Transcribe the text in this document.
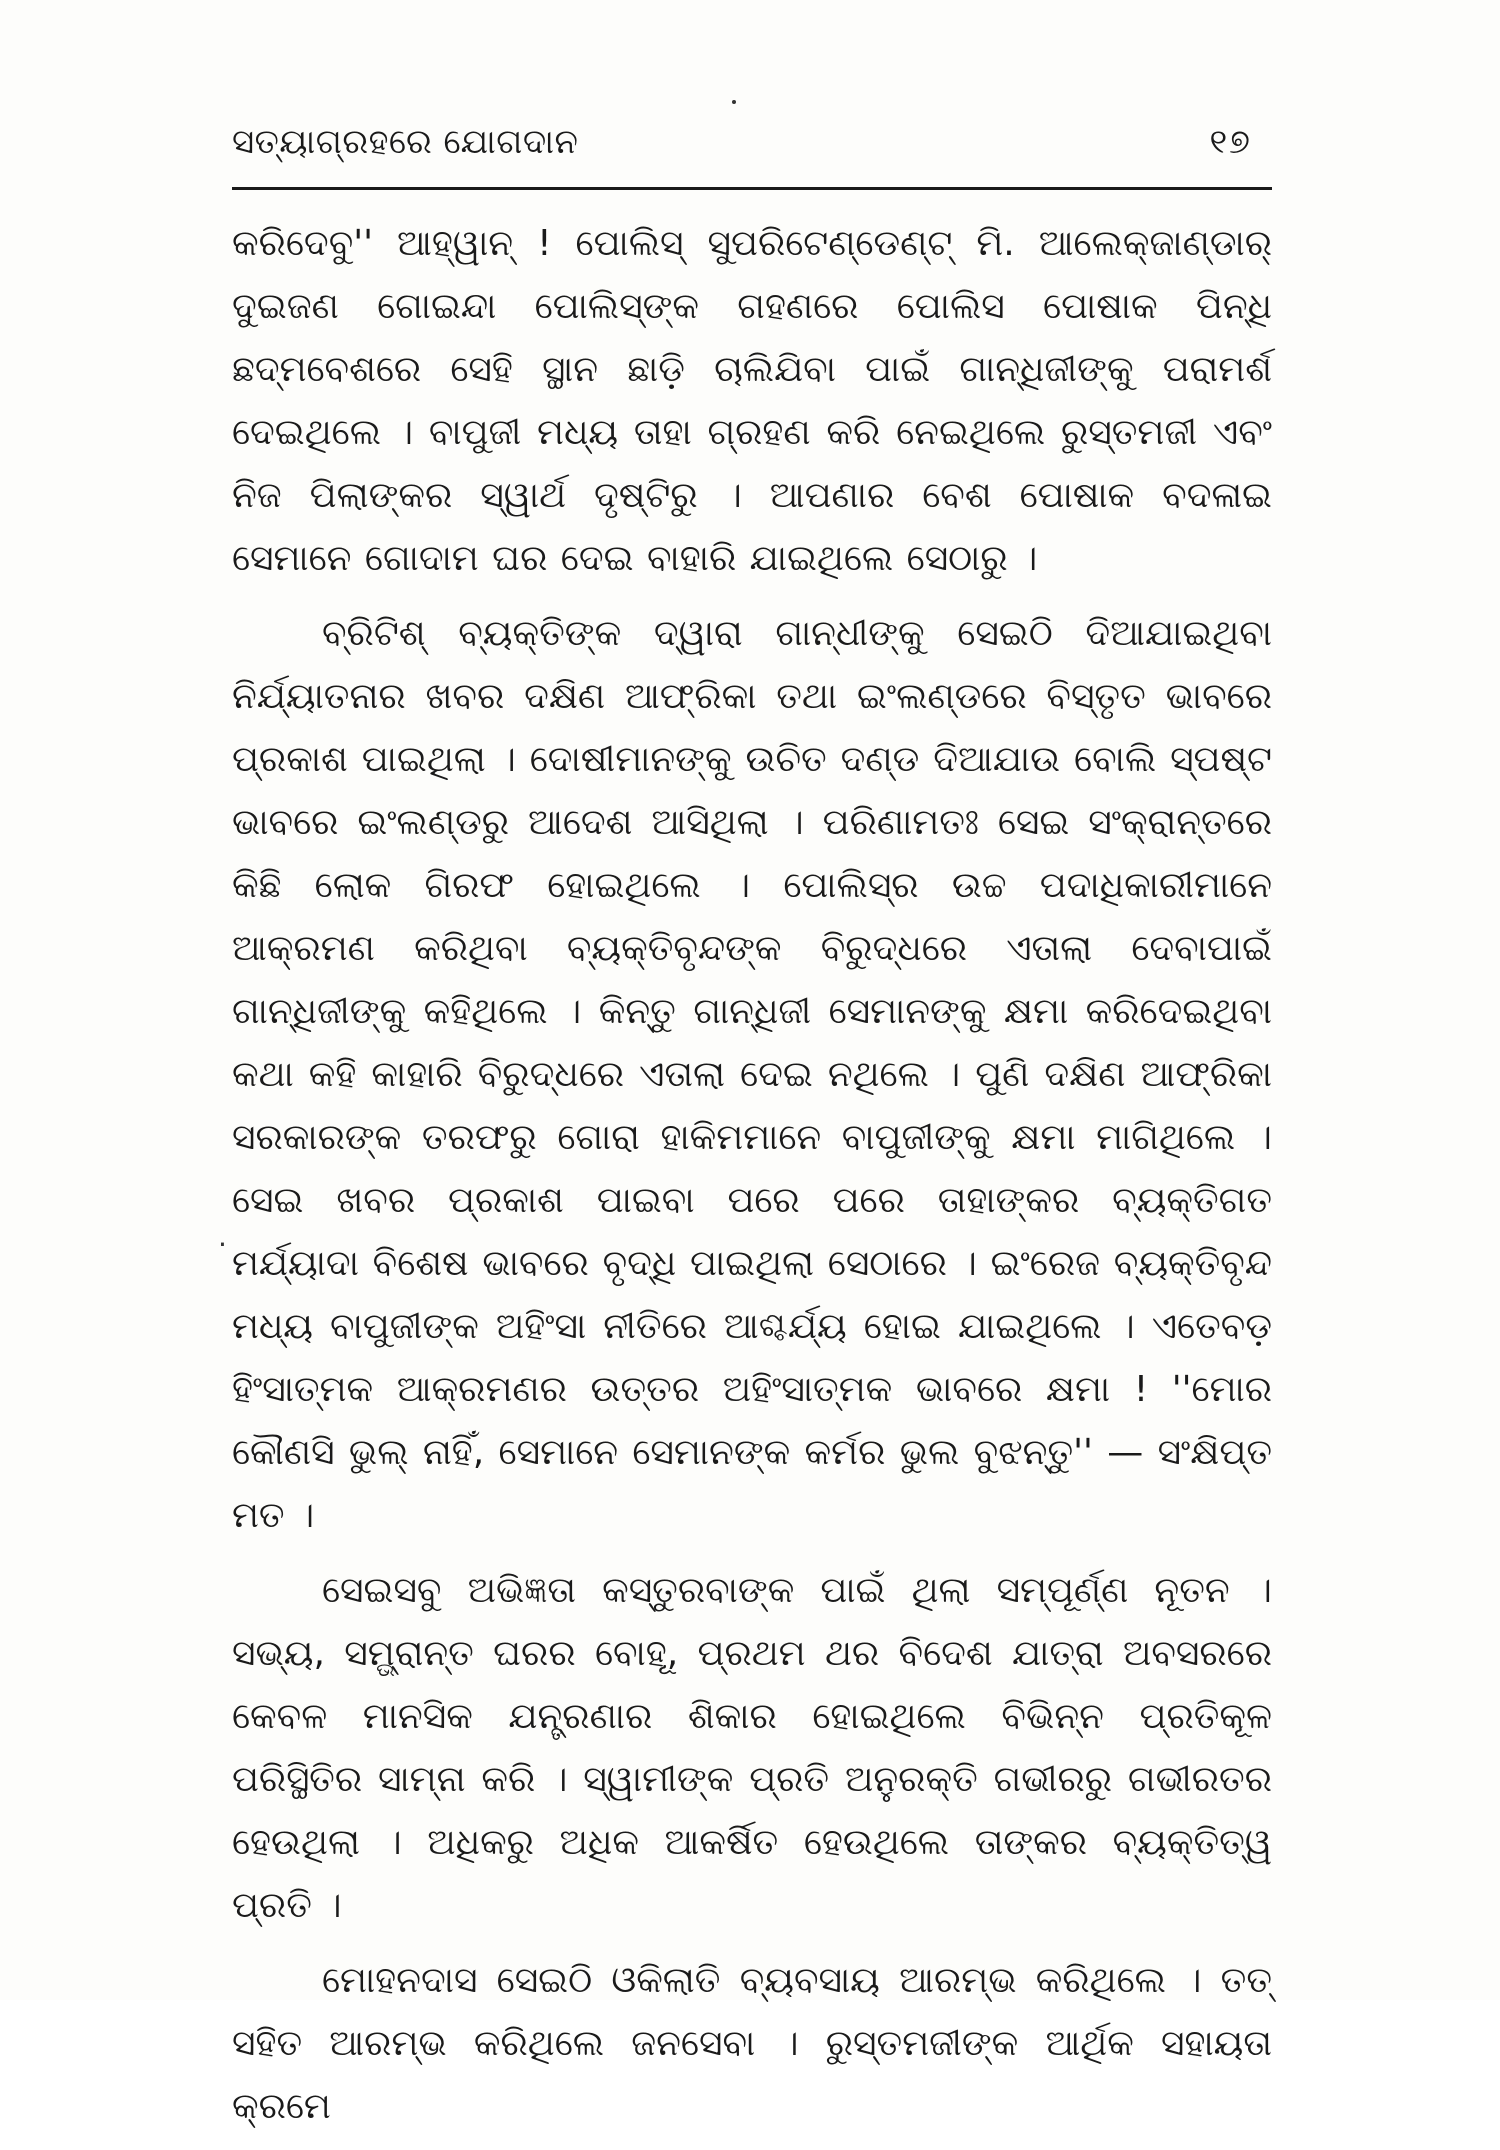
ସତ୍ୟାଗ୍ରହରେ ଯୋଗଦାନ	୧୭
·

କରିଦେବୁ'' ଆହ୍ୱାନ୍ ! ପୋଲିସ୍ ସୁପରିଟେଣ୍ଡେଣ୍ଟ୍ ମି. ଆଲେକ୍‌ଜାଣ୍ଡାର୍ ଦୁଇଜଣ ଗୋଇନ୍ଦା ପୋଲିସ୍‌ଙ୍କ ଗହଣରେ ପୋଲିସ ପୋଷାକ ପିନ୍ଧି ଛଦ୍ମବେଶରେ ସେହି ସ୍ଥାନ ଛାଡ଼ି ଚାଲିଯିବା ପାଇଁ ଗାନ୍ଧିଜୀଙ୍କୁ ପରାମର୍ଶ ଦେଇଥିଲେ । ବାପୁଜୀ ମଧ୍ୟ ତାହା ଗ୍ରହଣ କରି ନେଇଥିଲେ ରୁସ୍ତମଜୀ ଏବଂ ନିଜ ପିଲାଙ୍କର ସ୍ୱାର୍ଥ ଦୃଷ୍ଟିରୁ । ଆପଣାର ବେଶ ପୋଷାକ ବଦଳାଇ ସେମାନେ ଗୋଦାମ ଘର ଦେଇ ବାହାରି ଯାଇଥିଲେ ସେଠାରୁ ।

ବ୍ରିଟିଶ୍ ବ୍ୟକ୍ତିଙ୍କ ଦ୍ୱାରା ଗାନ୍ଧୀଙ୍କୁ ସେଇଠି ଦିଆଯାଇଥିବା ନିର୍ଯ୍ୟାତନାର ଖବର ଦକ୍ଷିଣ ଆଫ୍ରିକା ତଥା ଇଂଲଣ୍ଡରେ ବିସ୍ତୃତ ଭାବରେ ପ୍ରକାଶ ପାଇଥିଲା । ଦୋଷୀମାନଙ୍କୁ ଉଚିତ ଦଣ୍ଡ ଦିଆଯାଉ ବୋଲି ସ୍ପଷ୍ଟ ଭାବରେ ଇଂଲଣ୍ଡରୁ ଆଦେଶ ଆସିଥିଲା । ପରିଣାମତଃ ସେଇ ସଂକ୍ରାନ୍ତରେ କିଛି ଲୋକ ଗିରଫ ହୋଇଥିଲେ । ପୋଲିସ୍‌ର ଉଚ୍ଚ ପଦାଧିକାରୀମାନେ ଆକ୍ରମଣ କରିଥିବା ବ୍ୟକ୍ତିବୃନ୍ଦଙ୍କ ବିରୁଦ୍ଧରେ ଏତାଲା ଦେବାପାଇଁ ଗାନ୍ଧିଜୀଙ୍କୁ କହିଥିଲେ । କିନ୍ତୁ ଗାନ୍ଧିଜୀ ସେମାନଙ୍କୁ କ୍ଷମା କରିଦେଇଥିବା କଥା କହି କାହାରି ବିରୁଦ୍ଧରେ ଏତାଲା ଦେଇ ନଥିଲେ । ପୁଣି ଦକ୍ଷିଣ ଆଫ୍ରିକା ସରକାରଙ୍କ ତରଫରୁ ଗୋରା ହାକିମମାନେ ବାପୁଜୀଙ୍କୁ କ୍ଷମା ମାଗିଥିଲେ । ସେଇ ଖବର ପ୍ରକାଶ ପାଇବା ପରେ ପରେ ତାହାଙ୍କର ବ୍ୟକ୍ତିଗତ ମର୍ଯ୍ୟାଦା ବିଶେଷ ଭାବରେ ବୃଦ୍ଧି ପାଇଥିଲା ସେଠାରେ । ଇଂରେଜ ବ୍ୟକ୍ତିବୃନ୍ଦ ମଧ୍ୟ ବାପୁଜୀଙ୍କ ଅହିଂସା ନୀତିରେ ଆଶ୍ଚର୍ଯ୍ୟ ହୋଇ ଯାଇଥିଲେ । ଏତେବଡ଼ ହିଂସାତ୍ମକ ଆକ୍ରମଣର ଉତ୍ତର ଅହିଂସାତ୍ମକ ଭାବରେ କ୍ଷମା ! ''ମୋର କୌଣସି ଭୁଲ୍ ନାହିଁ, ସେମାନେ ସେମାନଙ୍କ କର୍ମର ଭୁଲ ବୁଝନ୍ତୁ'' — ସଂକ୍ଷିପ୍ତ ମତ ।

ସେଇସବୁ ଅଭିଜ୍ଞତା କସ୍ତୁରବାଙ୍କ ପାଇଁ ଥିଲା ସମ୍ପୂର୍ଣ୍ଣ ନୂତନ । ସଭ୍ୟ, ସମ୍ଭ୍ରାନ୍ତ ଘରର ବୋହୂ, ପ୍ରଥମ ଥର ବିଦେଶ ଯାତ୍ରା ଅବସରରେ କେବଳ ମାନସିକ ଯନ୍ତ୍ରଣାର ଶିକାର ହୋଇଥିଲେ ବିଭିନ୍ନ ପ୍ରତିକୂଳ ପରିସ୍ଥିତିର ସାମ୍ନା କରି । ସ୍ୱାମୀଙ୍କ ପ୍ରତି ଅନୁରକ୍ତି ଗଭୀରରୁ ଗଭୀରତର ହେଉଥିଲା । ଅଧିକରୁ ଅଧିକ ଆକର୍ଷିତ ହେଉଥିଲେ ତାଙ୍କର ବ୍ୟକ୍ତିତ୍ୱ ପ୍ରତି ।

ମୋହନଦାସ ସେଇଠି ଓକିଲାତି ବ୍ୟବସାୟ ଆରମ୍ଭ କରିଥିଲେ । ତତ୍ ସହିତ ଆରମ୍ଭ କରିଥିଲେ ଜନସେବା । ରୁସ୍ତମଜୀଙ୍କ ଆର୍ଥିକ ସହାୟତା କ୍ରମେ
